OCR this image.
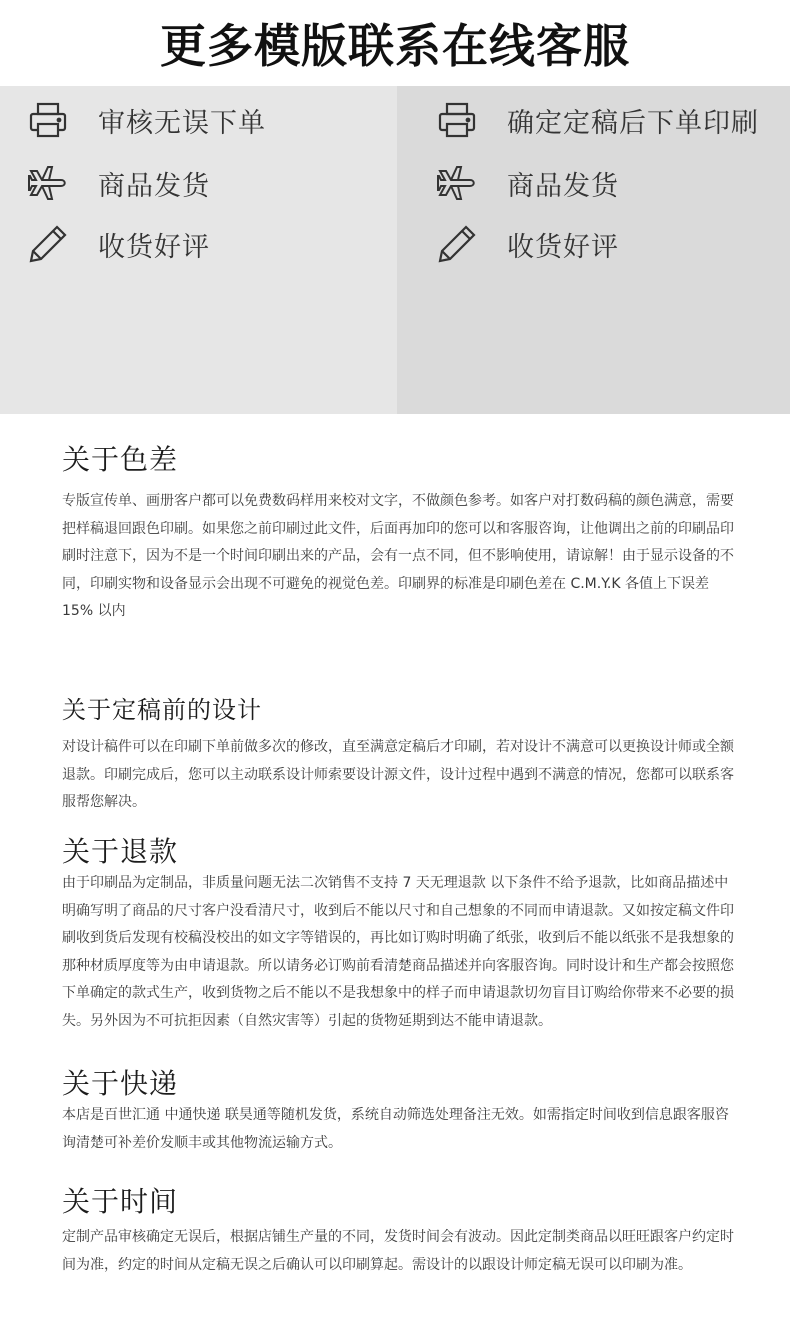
更多模版联系在线客服
审核无误下单
商品发货
收货好评
确定定稿后下单印刷
商品发货
收货好评
关于色差

专版宣传单、画册客户都可以免费数码样用来校对文字，不做颜色参考。如客户对打数码稿的颜色满意，需要把样稿退回跟色印刷。如果您之前印刷过此文件，后面再加印的您可以和客服咨询，让他调出之前的印刷品印刷时注意下，因为不是一个时间印刷出来的产品，会有一点不同，但不影响使用，请谅解！由于显示设备的不同，印刷实物和设备显示会出现不可避免的视觉色差。印刷界的标准是印刷色差在 C.M.Y.K 各值上下误差 15% 以内

关于定稿前的设计

对设计稿件可以在印刷下单前做多次的修改，直至满意定稿后才印刷，若对设计不满意可以更换设计师或全额退款。印刷完成后，您可以主动联系设计师索要设计源文件，设计过程中遇到不满意的情况，您都可以联系客服帮您解决。

关于退款

由于印刷品为定制品，非质量问题无法二次销售不支持 7 天无理退款 以下条件不给予退款，比如商品描述中明确写明了商品的尺寸客户没看清尺寸，收到后不能以尺寸和自己想象的不同而申请退款。又如按定稿文件印刷收到货后发现有校稿没校出的如文字等错误的，再比如订购时明确了纸张，收到后不能以纸张不是我想象的那种材质厚度等为由申请退款。所以请务必订购前看清楚商品描述并向客服咨询。同时设计和生产都会按照您下单确定的款式生产，收到货物之后不能以不是我想象中的样子而申请退款切勿盲目订购给你带来不必要的损失。另外因为不可抗拒因素（自然灾害等）引起的货物延期到达不能申请退款。

关于快递

本店是百世汇通 中通快递 联昊通等随机发货，系统自动筛选处理备注无效。如需指定时间收到信息跟客服咨询清楚可补差价发顺丰或其他物流运输方式。

关于时间

定制产品审核确定无误后，根据店铺生产量的不同，发货时间会有波动。因此定制类商品以旺旺跟客户约定时间为准，约定的时间从定稿无误之后确认可以印刷算起。需设计的以跟设计师定稿无误可以印刷为准。
